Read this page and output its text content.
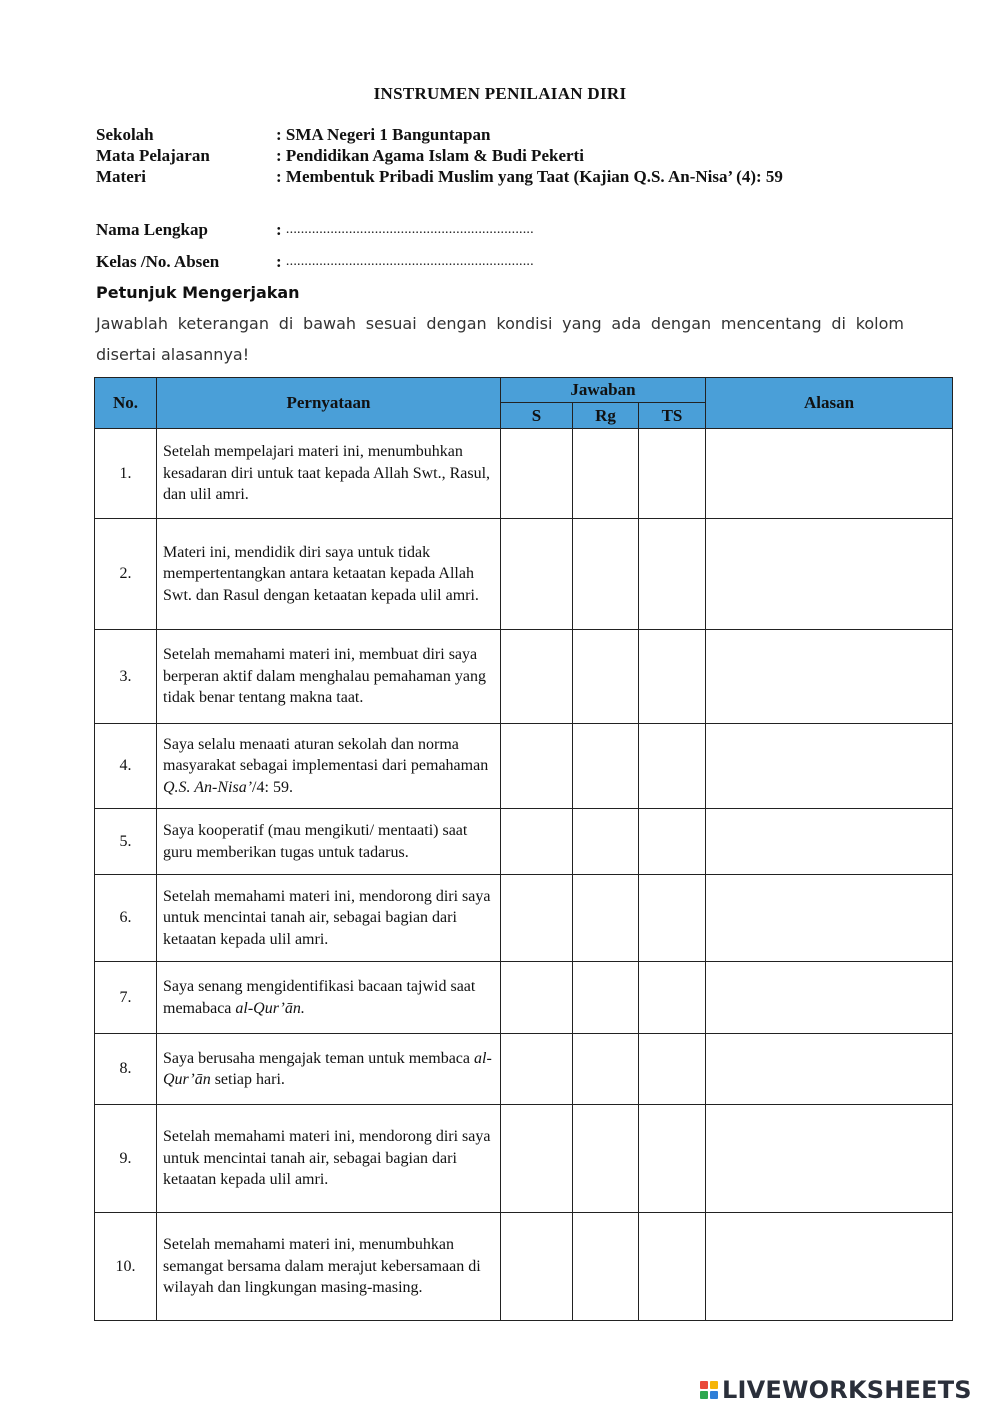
INSTRUMEN PENILAIAN DIRI
Sekolah	: SMA Negeri 1 Banguntapan
Mata Pelajaran	: Pendidikan Agama Islam & Budi Pekerti
Materi	: Membentuk Pribadi Muslim yang Taat (Kajian Q.S. An-Nisa’ (4): 59
Nama Lengkap	:
...................................................................
Kelas /No. Absen	:
...................................................................
Petunjuk Mengerjakan
Jawablah keterangan di bawah sesuai dengan kondisi yang ada dengan mencentang di kolom disertai alasannya!
No.	Pernyataan	Jawaban			Alasan
		S	Rg	TS	
1.	Setelah mempelajari materi ini, menumbuhkan kesadaran diri untuk taat kepada Allah Swt., Rasul, dan ulil amri.				
2.	Materi ini, mendidik diri saya untuk tidak mempertentangkan antara ketaatan kepada Allah Swt. dan Rasul dengan ketaatan kepada ulil amri.				
3.	Setelah memahami materi ini, membuat diri saya berperan aktif dalam menghalau pemahaman yang tidak benar tentang makna taat.				
4.	Saya selalu menaati aturan sekolah dan norma masyarakat sebagai implementasi dari pemahaman Q.S. An-Nisa’/4: 59.				
5.	Saya kooperatif (mau mengikuti/ mentaati) saat guru memberikan tugas untuk tadarus.				
6.	Setelah memahami materi ini, mendorong diri saya untuk mencintai tanah air, sebagai bagian dari ketaatan kepada ulil amri.				
7.	Saya senang mengidentifikasi bacaan tajwid saat memabaca al-Qur’ān.				
8.	Saya berusaha mengajak teman untuk membaca al-Qur’ān setiap hari.				
9.	Setelah memahami materi ini, mendorong diri saya untuk mencintai tanah air, sebagai bagian dari ketaatan kepada ulil amri.				
10.	Setelah memahami materi ini, menumbuhkan semangat bersama dalam merajut kebersamaan di wilayah dan lingkungan masing-masing.				
LIVEWORKSHEETS
